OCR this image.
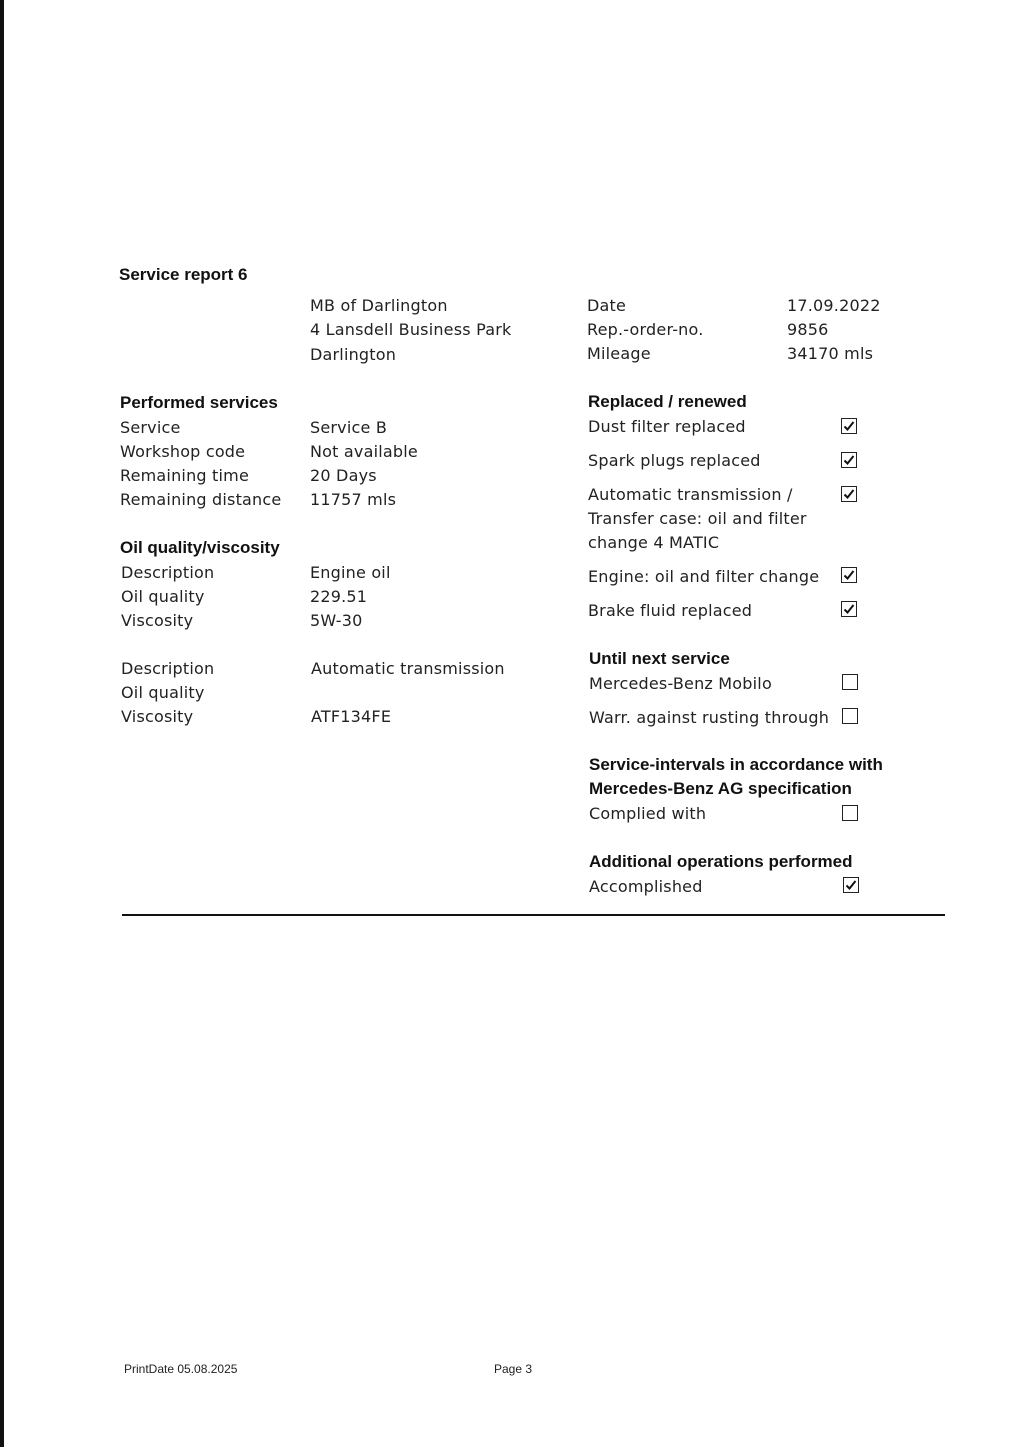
Service report 6
MB of Darlington
4 Lansdell Business Park
Darlington
Date	17.09.2022
Rep.-order-no.	9856
Mileage	34170 mls
Performed services
Service	Service B
Workshop code	Not available
Remaining time	20 Days
Remaining distance 11757 mls
Oil quality/viscosity
Description	Engine oil
Oil quality	229.51
Viscosity	5W-30
Description	Automatic transmission
Oil quality
Viscosity	ATF134FE
Replaced / renewed
Dust filter replaced
Spark plugs replaced
Automatic transmission /
Transfer case: oil and filter
change 4 MATIC
Engine: oil and filter change
Brake fluid replaced
Until next service
Mercedes-Benz Mobilo
Warr. against rusting through
Service-intervals in accordance with
Mercedes-Benz AG specification
Complied with
Additional operations performed
Accomplished
PrintDate 05.08.2025	Page 3
